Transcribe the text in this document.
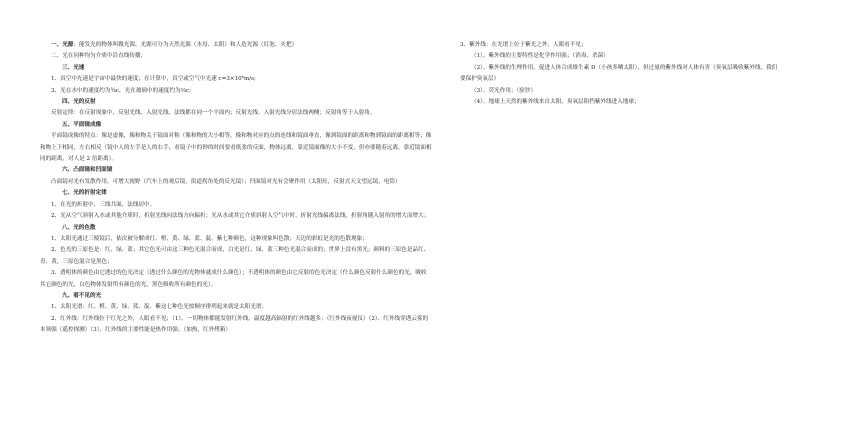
一、光源：能发光的物体叫做光源。光源可分为天然光源（水母、太阳）和人造光源（灯泡、火把）

二、光在同种均匀介质中沿直线传播；

三、光速

1、真空中光速是宇宙中最快的速度；在计算中，真空或空气中光速 c=3×10⁸m/s;

3、光在水中的速度约为¾c，光在玻璃中的速度约为⅔c;

四、光的反射

反射定律：在反射现象中，反射光线、入射光线、法线都在同一个平面内；反射光线、入射光线分居法线两侧；反射角等于入射角。

五、平面镜成像

平面镜成像的特点：像是虚像，像和物关于镜面对称（像和物的大小相等，像和物对应的点的连线和镜面垂直，像到镜面的距离和物到镜面的距离相等；像和物上下相同，左右相反（镜中人的左手是人的右手，看镜子中的钟的时间要看纸张的反面，物体远离，靠近镜面像的大小不变，但亦要随着远离、靠近镜面相同的距离，对人是 2 倍距离）。

六、凸面镜和凹面镜

凸面镜对光有发散作用，可增大视野（汽车上的观后镜，街道拐角处的反光镜）；凹面镜对光有会聚作用（太阳灶，反射式天文望远镜，电筒）

七、光的折射定律

1、在光的折射中，三线共面，法线居中。

2、光从空气斜射入水或其他介质时，折射光线向法线方向偏折；光从水或其它介质斜射入空气中时，折射光线偏离法线，折射角随入射角的增大而增大；

八、光的色散

1、太阳光通过三棱镜后，依次被分解成红、橙、黄、绿、蓝、靛、紫七种颜色，这种现象叫色散；天边的彩虹是光的色散现象；

2、色光的三原色是：红、绿、蓝；其它色光可由这三种色光混合而成，白光是红、绿、蓝三种色光混合而成的；世界上没有黑光；颜料的三原色是品红、青、黄，三原色混合是黑色；

3、透明体的颜色由它透过的色光决定（透过什么颜色的光物体就成什么颜色）；不透明体的颜色由它反射的色光决定（什么颜色反射什么颜色的光，吸收其它颜色的光，白色物体发射所有颜色的光，黑色吸收所有颜色的光）。

九、看不见的光

1、太阳光谱：红、橙、黄、绿、蓝、靛、紫这七种色光按顺序排列起来就是太阳光谱；

2、红外线：红外线位于红光之外，人眼看不见；（1）、一切物体都能发射红外线，温度越高辐射的红外线越多；（红外线夜视仪）（2）、红外线穿透云雾的本领强（遥控探测）（3）、红外线的主要性能是热作用强；（加热，红外烤箱）

3、紫外线：在光谱上位于紫光之外，人眼看不见；

（1）、紫外线的主要特性是化学作用强；（消毒、杀菌）

（2）、紫外线的生理作用，促进人体合成维生素 D（小孩多晒太阳），但过量的紫外线对人体有害（臭氧层吸收紫外线，我们要保护臭氧层）

（3）、荧光作用；（验钞）

（4）、地球上天然的紫外线来自太阳，臭氧层阻挡紫外线进入地球；
